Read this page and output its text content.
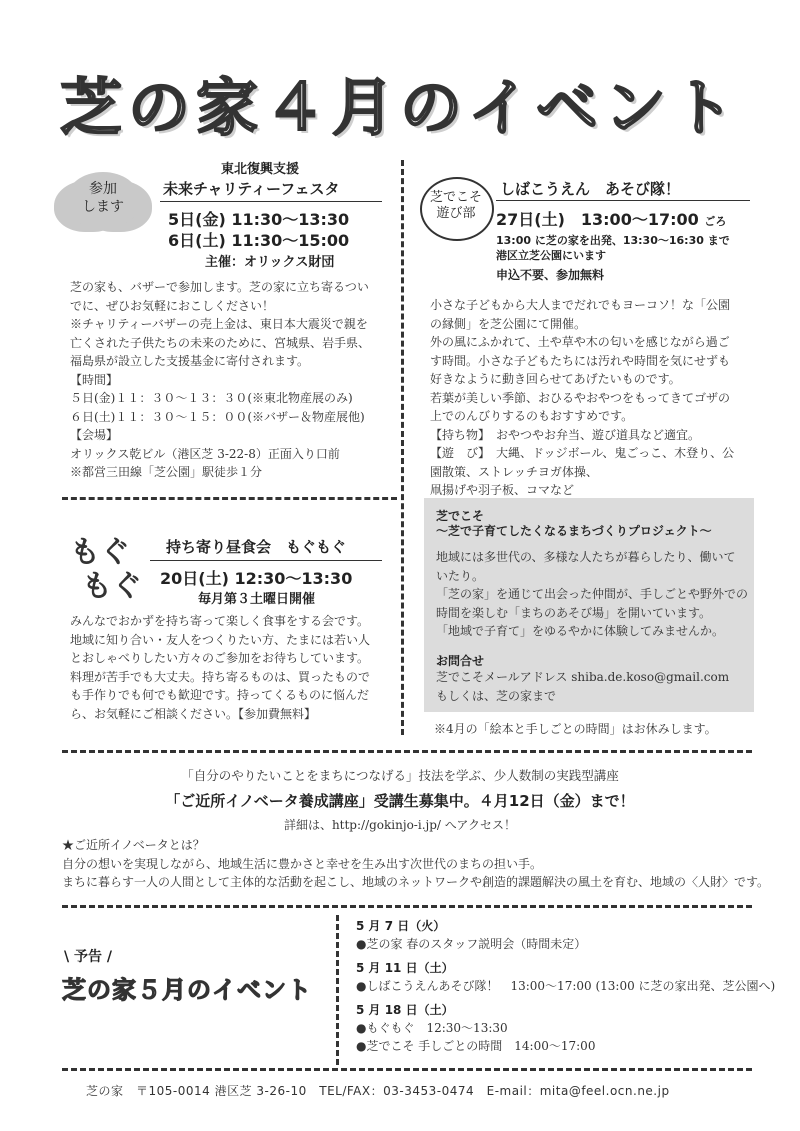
芝の家４月のイベント
参加
します
東北復興支援
未来チャリティーフェスタ
5日(金) 11:30～13:30
6日(土) 11:30～15:00
主催：オリックス財団
芝の家も、バザーで参加します。芝の家に立ち寄るつい
でに、ぜひお気軽におこしください！
※チャリティーバザーの売上金は、東日本大震災で親を
亡くされた子供たちの未来のために、宮城県、岩手県、
福島県が設立した支援基金に寄付されます。
【時間】
５日(金)１１：３０～１３：３０(※東北物産展のみ)
６日(土)１１：３０～１５：００(※バザー＆物産展他)
【会場】
オリックス乾ビル（港区芝 3-22-8）正面入り口前
※都営三田線「芝公園」駅徒歩１分
芝でこそ
遊び部
しばこうえん　あそび隊！
27日(土)　13:00～17:00 ごろ
13:00 に芝の家を出発、13:30～16:30 まで
港区立芝公園にいます
申込不要、参加無料
小さな子どもから大人までだれでもヨーコソ！な「公園
の縁側」を芝公園にて開催。
外の風にふかれて、土や草や木の匂いを感じながら過ご
す時間。小さな子どもたちには汚れや時間を気にせずも
好きなように動き回らせてあげたいものです。
若葉が美しい季節、おひるやおやつをもってきてゴザの
上でのんびりするのもおすすめです。
【持ち物】　おやつやお弁当、遊び道具など適宜。
【遊　び】　大縄、ドッジボール、鬼ごっこ、木登り、公
園散策、ストレッチヨガ体操、
凧揚げや羽子板、コマなど
もぐ
もぐ
持ち寄り昼食会　もぐもぐ
20日(土) 12:30～13:30
毎月第３土曜日開催
みんなでおかずを持ち寄って楽しく食事をする会です。
地域に知り合い・友人をつくりたい方、たまには若い人
とおしゃべりしたい方々のご参加をお待ちしています。
料理が苦手でも大丈夫。持ち寄るものは、買ったもので
も手作りでも何でも歓迎です。持ってくるものに悩んだ
ら、お気軽にご相談ください。【参加費無料】
芝でこそ
～芝で子育てしたくなるまちづくりプロジェクト～
地域には多世代の、多様な人たちが暮らしたり、働いて
いたり。
「芝の家」を通じて出会った仲間が、手しごとや野外での
時間を楽しむ「まちのあそび場」を開いています。
「地域で子育て」をゆるやかに体験してみませんか。
お問合せ
芝でこそメールアドレス shiba.de.koso@gmail.com
もしくは、芝の家まで
※4月の「絵本と手しごとの時間」はお休みします。
「自分のやりたいことをまちにつなげる」技法を学ぶ、少人数制の実践型講座
「ご近所イノベータ養成講座」受講生募集中。４月12日（金）まで！
詳細は、http://gokinjo-i.jp/ へアクセス！
★ご近所イノベータとは？
自分の想いを実現しながら、地域生活に豊かさと幸せを生み出す次世代のまちの担い手。
まちに暮らす一人の人間として主体的な活動を起こし、地域のネットワークや創造的課題解決の風土を育む、地域の〈人財〉です。
\ 予告 /
芝の家５月のイベント
5 月 7 日（火）
●芝の家 春のスタッフ説明会（時間未定）
5 月 11 日（土）
●しばこうえんあそび隊！　13:00～17:00 (13:00 に芝の家出発、芝公園へ)
5 月 18 日（土）
●もぐもぐ　12:30～13:30
●芝でこそ 手しごとの時間　14:00～17:00
芝の家　〒105-0014 港区芝 3-26-10　TEL/FAX：03-3453-0474　E-mail：mita@feel.ocn.ne.jp
